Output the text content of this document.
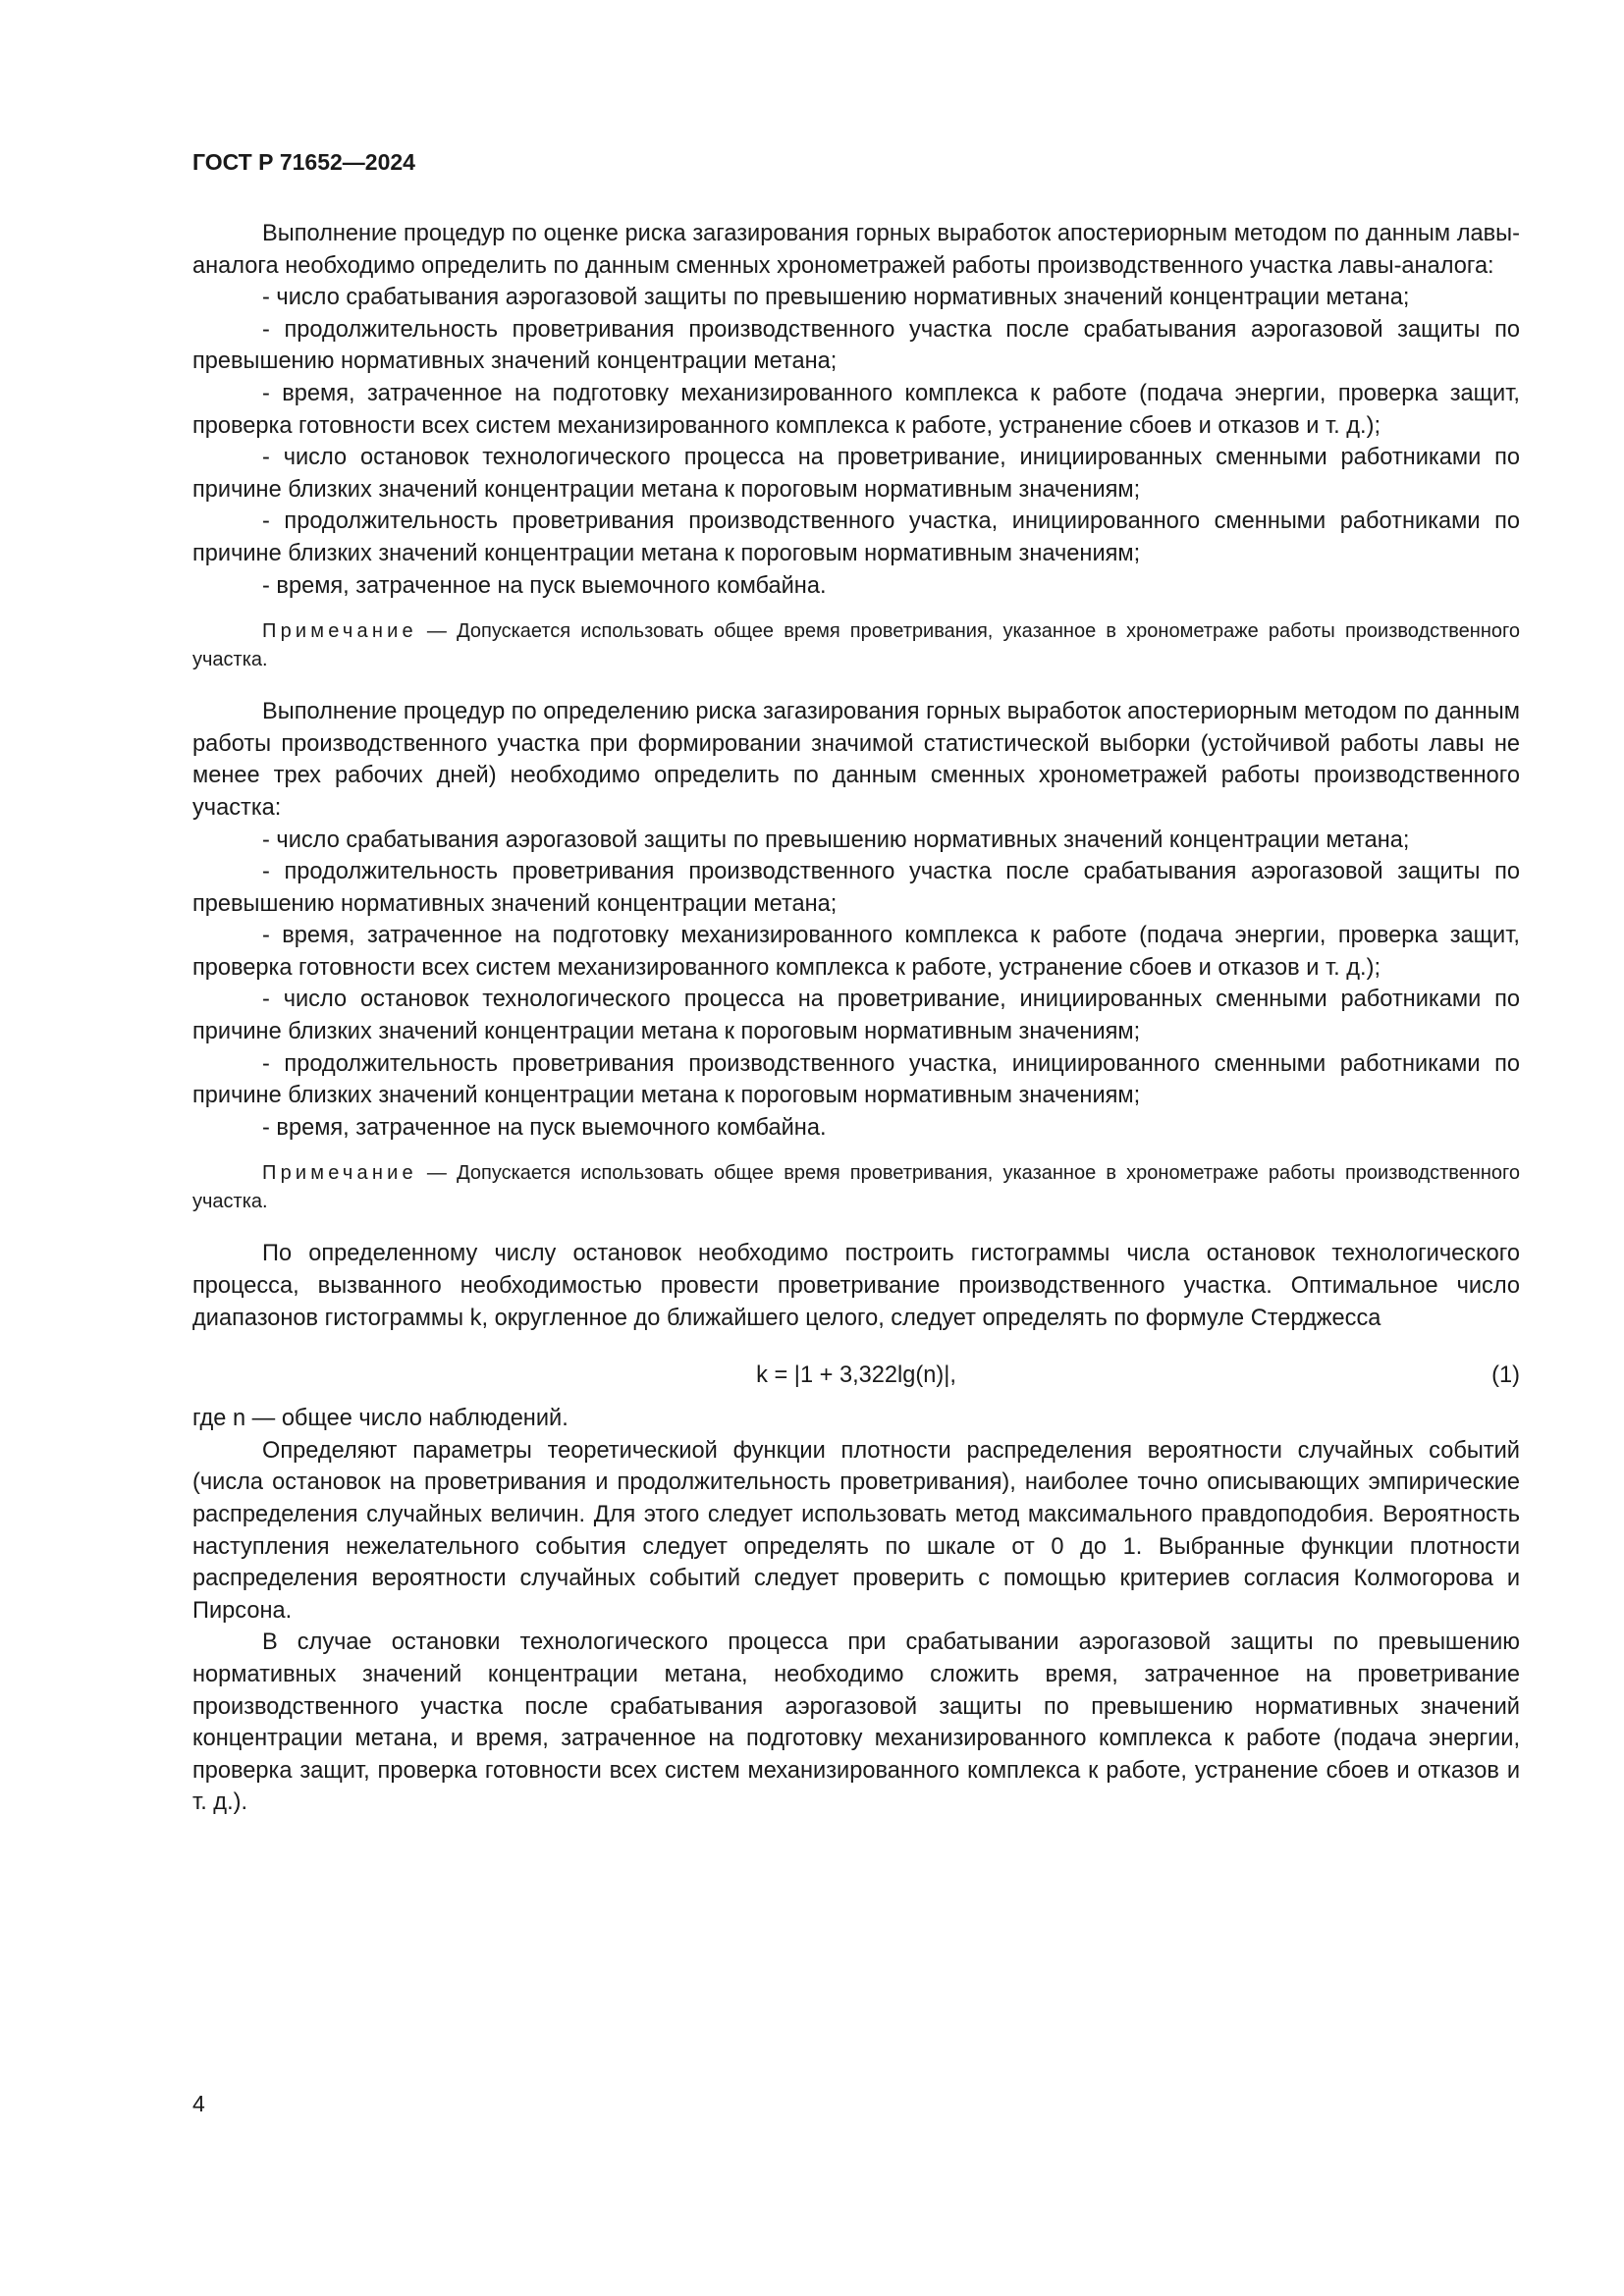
ГОСТ Р 71652—2024

Выполнение процедур по оценке риска загазирования горных выработок апостериорным методом по данным лавы-аналога необходимо определить по данным сменных хронометражей работы производственного участка лавы-аналога:

- число срабатывания аэрогазовой защиты по превышению нормативных значений концентрации метана;

- продолжительность проветривания производственного участка после срабатывания аэрогазовой защиты по превышению нормативных значений концентрации метана;

- время, затраченное на подготовку механизированного комплекса к работе (подача энергии, проверка защит, проверка готовности всех систем механизированного комплекса к работе, устранение сбоев и отказов и т. д.);

- число остановок технологического процесса на проветривание, инициированных сменными работниками по причине близких значений концентрации метана к пороговым нормативным значениям;

- продолжительность проветривания производственного участка, инициированного сменными работниками по причине близких значений концентрации метана к пороговым нормативным значениям;

- время, затраченное на пуск выемочного комбайна.

Примечание — Допускается использовать общее время проветривания, указанное в хронометраже работы производственного участка.

Выполнение процедур по определению риска загазирования горных выработок апостериорным методом по данным работы производственного участка при формировании значимой статистической выборки (устойчивой работы лавы не менее трех рабочих дней) необходимо определить по данным сменных хронометражей работы производственного участка:

- число срабатывания аэрогазовой защиты по превышению нормативных значений концентрации метана;

- продолжительность проветривания производственного участка после срабатывания аэрогазовой защиты по превышению нормативных значений концентрации метана;

- время, затраченное на подготовку механизированного комплекса к работе (подача энергии, проверка защит, проверка готовности всех систем механизированного комплекса к работе, устранение сбоев и отказов и т. д.);

- число остановок технологического процесса на проветривание, инициированных сменными работниками по причине близких значений концентрации метана к пороговым нормативным значениям;

- продолжительность проветривания производственного участка, инициированного сменными работниками по причине близких значений концентрации метана к пороговым нормативным значениям;

- время, затраченное на пуск выемочного комбайна.

Примечание — Допускается использовать общее время проветривания, указанное в хронометраже работы производственного участка.

По определенному числу остановок необходимо построить гистограммы числа остановок технологического процесса, вызванного необходимостью провести проветривание производственного участка. Оптимальное число диапазонов гистограммы k, округленное до ближайшего целого, следует определять по формуле Стерджесса

k = |1 + 3,322lg(n)|,	(1)

где n — общее число наблюдений.

Определяют параметры теоретическиой функции плотности распределения вероятности случайных событий (числа остановок на проветривания и продолжительность проветривания), наиболее точно описывающих эмпирические распределения случайных величин. Для этого следует использовать метод максимального правдоподобия. Вероятность наступления нежелательного события следует определять по шкале от 0 до 1. Выбранные функции плотности распределения вероятности случайных событий следует проверить с помощью критериев согласия Колмогорова и Пирсона.

В случае остановки технологического процесса при срабатывании аэрогазовой защиты по превышению нормативных значений концентрации метана, необходимо сложить время, затраченное на проветривание производственного участка после срабатывания аэрогазовой защиты по превышению нормативных значений концентрации метана, и время, затраченное на подготовку механизированного комплекса к работе (подача энергии, проверка защит, проверка готовности всех систем механизированного комплекса к работе, устранение сбоев и отказов и т. д.).

4
